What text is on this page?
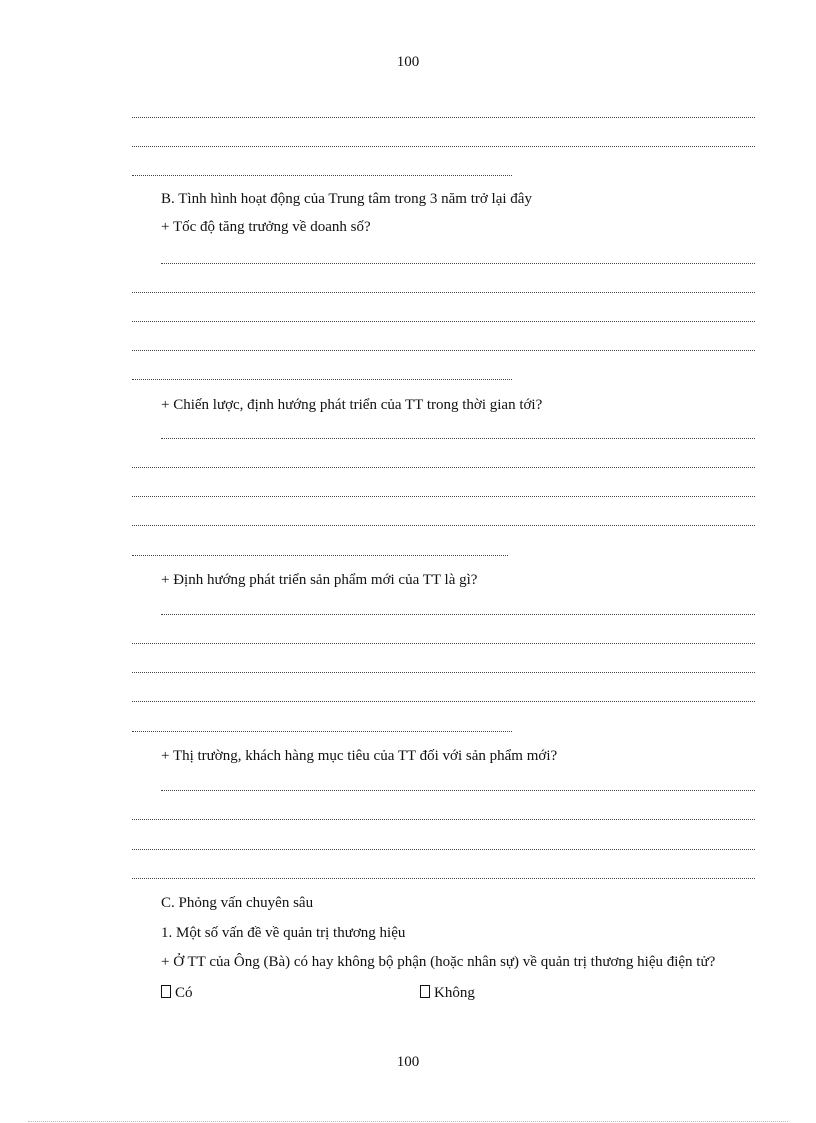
100
B. Tình hình hoạt động của Trung tâm trong 3 năm trở lại đây
+ Tốc độ tăng trưởng về doanh số?
+ Chiến lược, định hướng phát triển của TT trong thời gian tới?
+ Định hướng phát triển sản phẩm mới của TT là gì?
+ Thị trường, khách hàng mục tiêu của TT đối với sản phẩm mới?
C. Phỏng vấn chuyên sâu
1. Một số vấn đề về quản trị thương hiệu
+ Ở TT của Ông (Bà) có hay không bộ phận (hoặc nhân sự) về quản trị thương hiệu điện tử?
Có	Không
100
